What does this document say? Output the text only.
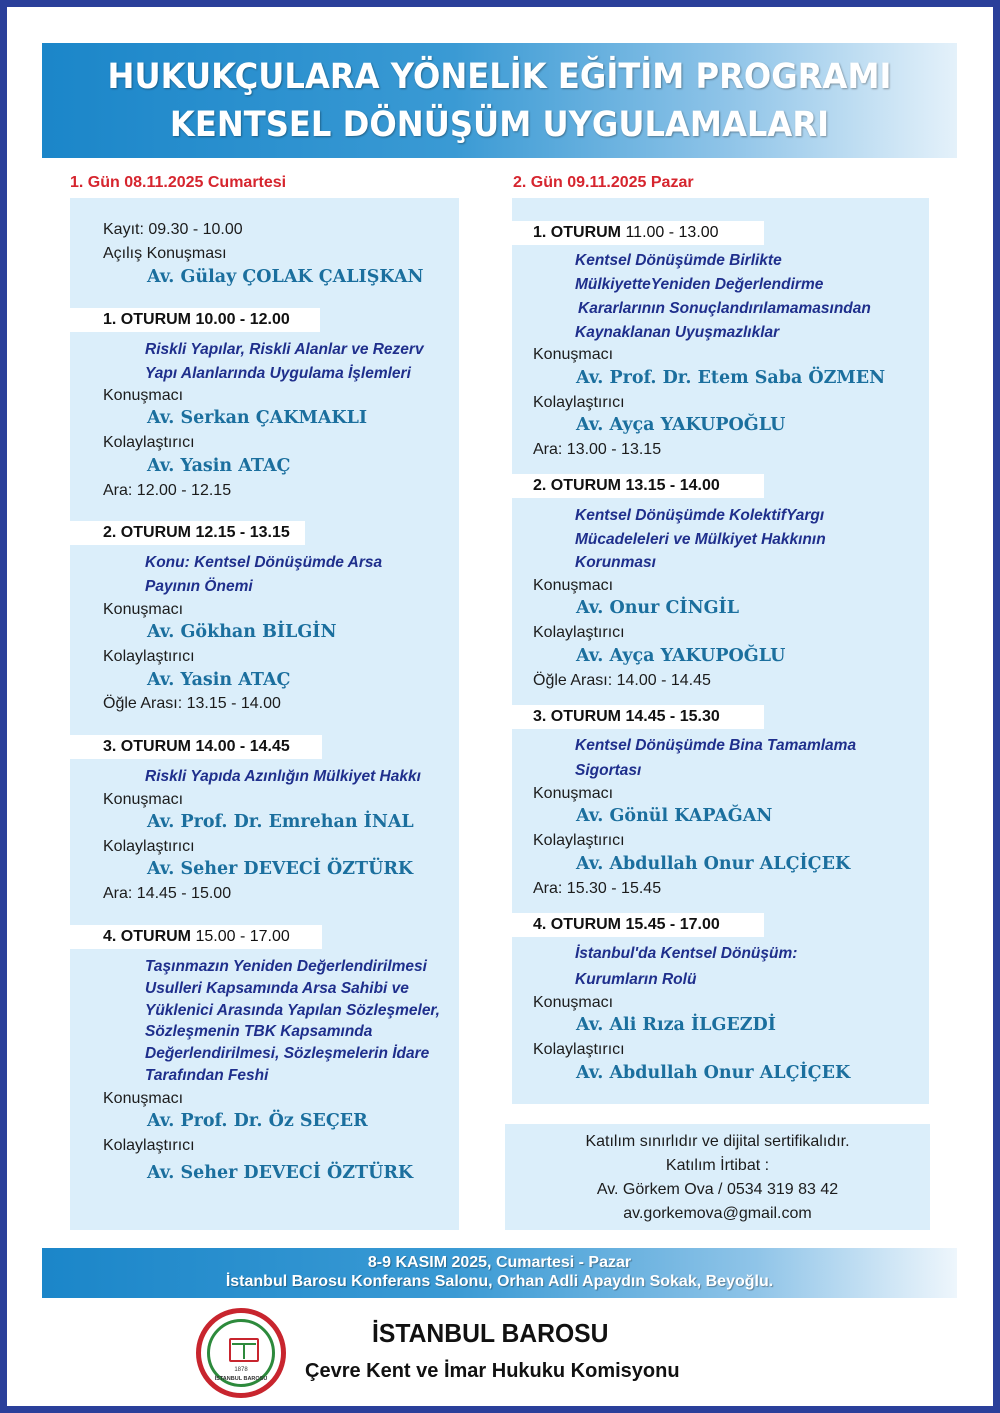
HUKUKÇULARA YÖNELİK EĞİTİM PROGRAMI
KENTSEL DÖNÜŞÜM UYGULAMALARI
1. Gün 08.11.2025 Cumartesi	2. Gün 09.11.2025 Pazar
Kayıt: 09.30 - 10.00
Açılış Konuşması
Av. Gülay ÇOLAK ÇALIŞKAN
1. OTURUM 10.00 - 12.00
Riskli Yapılar, Riskli Alanlar ve Rezerv
Yapı Alanlarında Uygulama İşlemleri
Konuşmacı
Av. Serkan ÇAKMAKLI
Kolaylaştırıcı
Av. Yasin ATAÇ
Ara: 12.00 - 12.15
2. OTURUM 12.15 - 13.15
Konu: Kentsel Dönüşümde Arsa
Payının Önemi
Konuşmacı
Av. Gökhan BİLGİN
Kolaylaştırıcı
Av. Yasin ATAÇ
Öğle Arası: 13.15 - 14.00
3. OTURUM 14.00 - 14.45
Riskli Yapıda Azınlığın Mülkiyet Hakkı
Konuşmacı
Av. Prof. Dr. Emrehan İNAL
Kolaylaştırıcı
Av. Seher DEVECİ ÖZTÜRK
Ara: 14.45 - 15.00
4. OTURUM 15.00 - 17.00
Taşınmazın Yeniden Değerlendirilmesi
Usulleri Kapsamında Arsa Sahibi ve
Yüklenici Arasında Yapılan Sözleşmeler,
Sözleşmenin TBK Kapsamında
Değerlendirilmesi, Sözleşmelerin İdare
Tarafından Feshi
Konuşmacı
Av. Prof. Dr. Öz SEÇER
Kolaylaştırıcı
Av. Seher DEVECİ ÖZTÜRK
1. OTURUM 11.00 - 13.00
Kentsel Dönüşümde Birlikte
MülkiyetteYeniden Değerlendirme
Kararlarının Sonuçlandırılamamasından
Kaynaklanan Uyuşmazlıklar
Konuşmacı
Av. Prof. Dr. Etem Saba ÖZMEN
Kolaylaştırıcı
Av. Ayça YAKUPOĞLU
Ara: 13.00 - 13.15
2. OTURUM 13.15 - 14.00
Kentsel Dönüşümde KolektifYargı
Mücadeleleri ve Mülkiyet Hakkının
Korunması
Konuşmacı
Av. Onur CİNGİL
Kolaylaştırıcı
Av. Ayça YAKUPOĞLU
Öğle Arası: 14.00 - 14.45
3. OTURUM 14.45 - 15.30
Kentsel Dönüşümde Bina Tamamlama
Sigortası
Konuşmacı
Av. Gönül KAPAĞAN
Kolaylaştırıcı
Av. Abdullah Onur ALÇİÇEK
Ara: 15.30 - 15.45
4. OTURUM 15.45 - 17.00
İstanbul'da Kentsel Dönüşüm:
Kurumların Rolü
Konuşmacı
Av. Ali Rıza İLGEZDİ
Kolaylaştırıcı
Av. Abdullah Onur ALÇİÇEK
Katılım sınırlıdır ve dijital sertifikalıdır.
Katılım İrtibat :
Av. Görkem Ova / 0534 319 83 42
av.gorkemova@gmail.com
8-9 KASIM 2025, Cumartesi - Pazar
İstanbul Barosu Konferans Salonu, Orhan Adli Apaydın Sokak, Beyoğlu.
1878
İSTANBUL BAROSU
İSTANBUL BAROSU
Çevre Kent ve İmar Hukuku Komisyonu
